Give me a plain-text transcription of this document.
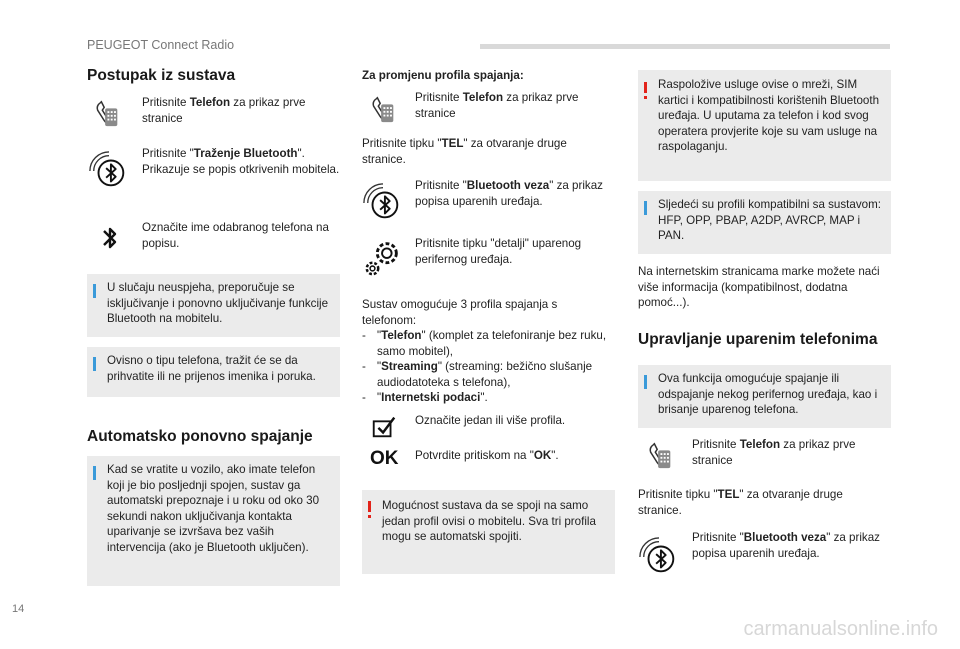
PEUGEOT Connect Radio
Postupak iz sustava
Pritisnite Telefon za prikaz prve stranice
Pritisnite "Traženje Bluetooth". Prikazuje se popis otkrivenih mobitela.
Označite ime odabranog telefona na popisu.
U slučaju neuspjeha, preporučuje se isključivanje i ponovno uključivanje funkcije Bluetooth na mobitelu.
Ovisno o tipu telefona, tražit će se da prihvatite ili ne prijenos imenika i poruka.
Automatsko ponovno spajanje
Kad se vratite u vozilo, ako imate telefon koji je bio posljednji spojen, sustav ga automatski prepoznaje i u roku od oko 30 sekundi nakon uključivanja kontakta uparivanje se izvršava bez vaših intervencija (ako je Bluetooth uključen).
Za promjenu profila spajanja:
Pritisnite Telefon za prikaz prve stranice
Pritisnite tipku "TEL" za otvaranje druge stranice.
Pritisnite "Bluetooth veza" za prikaz popisa uparenih uređaja.
Pritisnite tipku "detalji" uparenog perifernog uređaja.
Sustav omogućuje 3 profila spajanja s telefonom:
- "Telefon" (komplet za telefoniranje bez ruku, samo mobitel),
- "Streaming" (streaming: bežično slušanje audiodatoteka s telefona),
- "Internetski podaci".
Označite jedan ili više profila.
OK Potvrdite pritiskom na "OK".
Mogućnost sustava da se spoji na samo jedan profil ovisi o mobitelu. Sva tri profila mogu se automatski spojiti.
Raspoložive usluge ovise o mreži, SIM kartici i kompatibilnosti korištenih Bluetooth uređaja. U uputama za telefon i kod svog operatera provjerite koje su vam usluge na raspolaganju.
Sljedeći su profili kompatibilni sa sustavom: HFP, OPP, PBAP, A2DP, AVRCP, MAP i PAN.
Na internetskim stranicama marke možete naći više informacija (kompatibilnost, dodatna pomoć...).
Upravljanje uparenim telefonima
Ova funkcija omogućuje spajanje ili odspajanje nekog perifernog uređaja, kao i brisanje uparenog telefona.
Pritisnite Telefon za prikaz prve stranice
Pritisnite tipku "TEL" za otvaranje druge stranice.
Pritisnite "Bluetooth veza" za prikaz popisa uparenih uređaja.
14
carmanualsonline.info
